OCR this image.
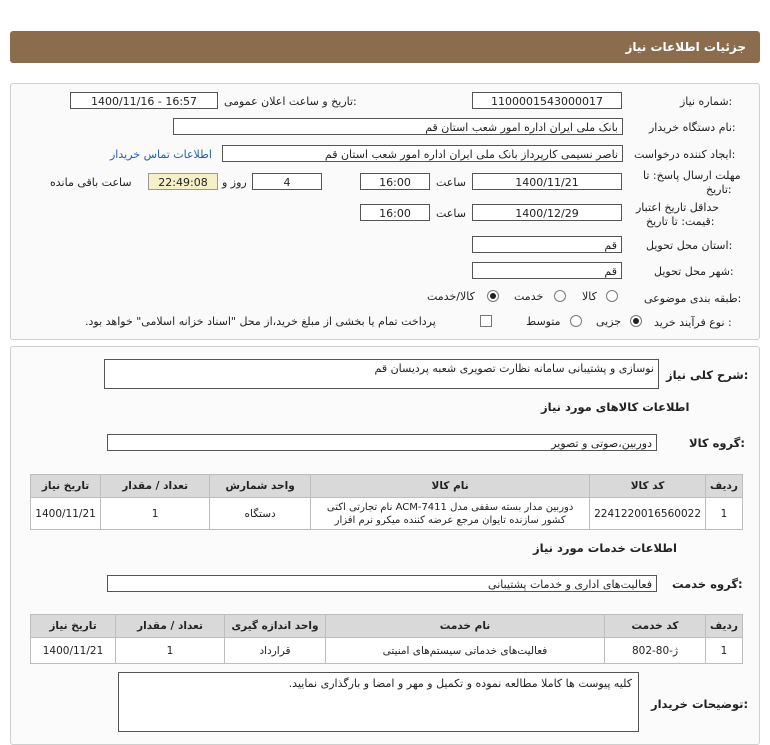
جزئیات اطلاعات نیاز
شماره نیاز:
1100001543000017
تاریخ و ساعت اعلان عمومی:
1400/11/16 - 16:57
نام دستگاه خریدار:
بانک ملی ایران اداره امور شعب استان قم
ایجاد کننده درخواست:
ناصر نسیمی کارپرداز بانک ملی ایران اداره امور شعب استان قم
اطلاعات تماس خریدار
مهلت ارسال پاسخ: تا
تاریخ:
1400/11/21
ساعت
16:00
4
روز و
22:49:08
ساعت باقی مانده
حداقل تاریخ اعتبار
قیمت: تا تاریخ:
1400/12/29
ساعت
16:00
استان محل تحویل:
قم
شهر محل تحویل:
قم
طبقه بندی موضوعی:
کالا
خدمت
کالا/خدمت
نوع فرآیند خرید :
جزیی
متوسط
پرداخت تمام یا بخشی از مبلغ خرید،از محل "اسناد خزانه اسلامی" خواهد بود.
شرح کلی نیاز:
نوسازی و پشتیبانی سامانه نظارت تصویری شعبه پردیسان قم
اطلاعات کالاهای مورد نیاز
گروه کالا:
دوربین،صوتی و تصویر
ردیف	کد کالا	نام کالا	واحد شمارش	تعداد / مقدار	تاریخ نیاز
1	2241220016560022	دوربین مدار بسته سقفی مدل ACM-7411 نام تجارتی اکتی کشور سازنده تایوان مرجع عرضه کننده میکرو نرم افزار	دستگاه	1	1400/11/21
اطلاعات خدمات مورد نیاز
گروه خدمت:
فعالیت‌های اداری و خدمات پشتیبانی
ردیف	کد خدمت	نام خدمت	واحد اندازه گیری	تعداد / مقدار	تاریخ نیاز
1	ژ-80-802	فعالیت‌های خدماتی سیستم‌های امنیتی	قرارداد	1	1400/11/21
توضیحات خریدار:
کلیه پیوست ها کاملا مطالعه نموده و تکمیل و مهر و امضا و بارگذاری نمایید.
